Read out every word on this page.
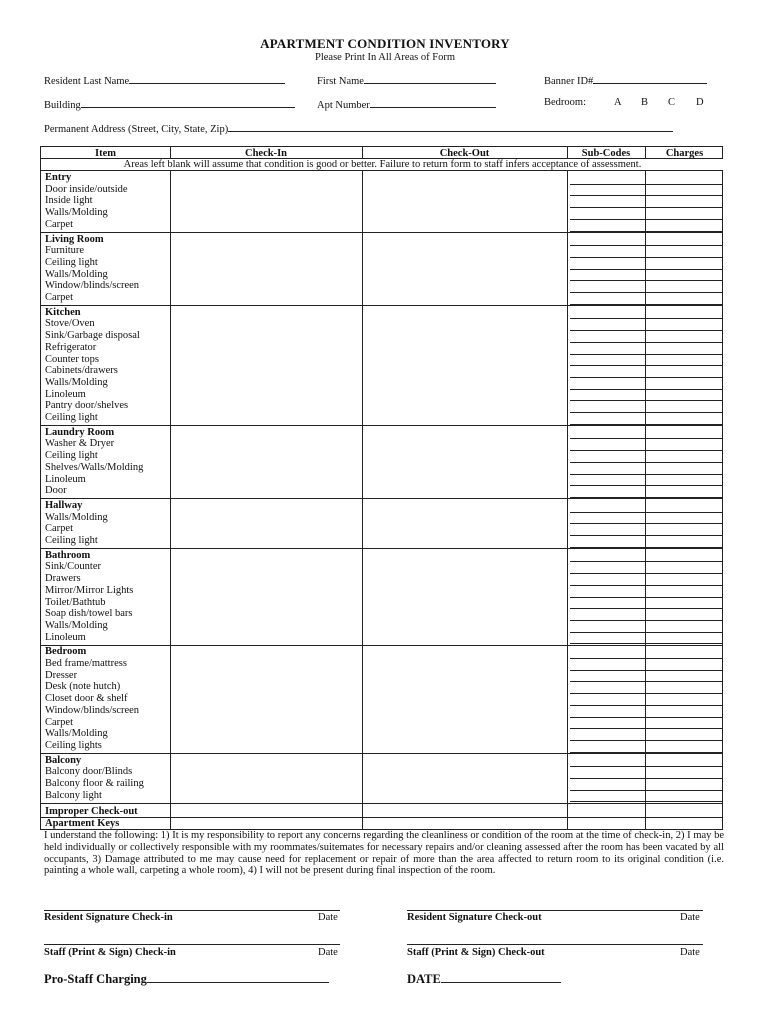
APARTMENT CONDITION INVENTORY
Please Print In All Areas of Form
Resident Last Name	First Name	Banner ID#
Building	Apt Number	Bedroom:	A B C D
Permanent Address (Street, City, State, Zip)
Item	Check-In	Check-Out	Sub-Codes	Charges
Areas left blank will assume that condition is good or better. Failure to return form to staff infers acceptance of assessment.
Entry
Door inside/outside
Inside light
Walls/Molding
Carpet
Living Room
Furniture
Ceiling light
Walls/Molding
Window/blinds/screen
Carpet
Kitchen
Stove/Oven
Sink/Garbage disposal
Refrigerator
Counter tops
Cabinets/drawers
Walls/Molding
Linoleum
Pantry door/shelves
Ceiling light
Laundry Room
Washer & Dryer
Ceiling light
Shelves/Walls/Molding
Linoleum
Door
Hallway
Walls/Molding
Carpet
Ceiling light
Bathroom
Sink/Counter
Drawers
Mirror/Mirror Lights
Toilet/Bathtub
Soap dish/towel bars
Walls/Molding
Linoleum
Bedroom
Bed frame/mattress
Dresser
Desk (note hutch)
Closet door & shelf
Window/blinds/screen
Carpet
Walls/Molding
Ceiling lights
Balcony
Balcony door/Blinds
Balcony floor & railing
Balcony light
Improper Check-out
Apartment Keys
I understand the following: 1) It is my responsibility to report any concerns regarding the cleanliness or condition of the room at the time of check-in, 2) I may be held individually or collectively responsible with my roommates/suitemates for necessary repairs and/or cleaning assessed after the room has been vacated by all occupants, 3) Damage attributed to me may cause need for replacement or repair of more than the area affected to return room to its original condition (i.e. painting a whole wall, carpeting a whole room), 4) I will not be present during final inspection of the room.
Resident Signature Check-in	Date	Resident Signature Check-out	Date
Staff (Print & Sign) Check-in	Date	Staff (Print & Sign) Check-out	Date
Pro-Staff Charging	DATE
